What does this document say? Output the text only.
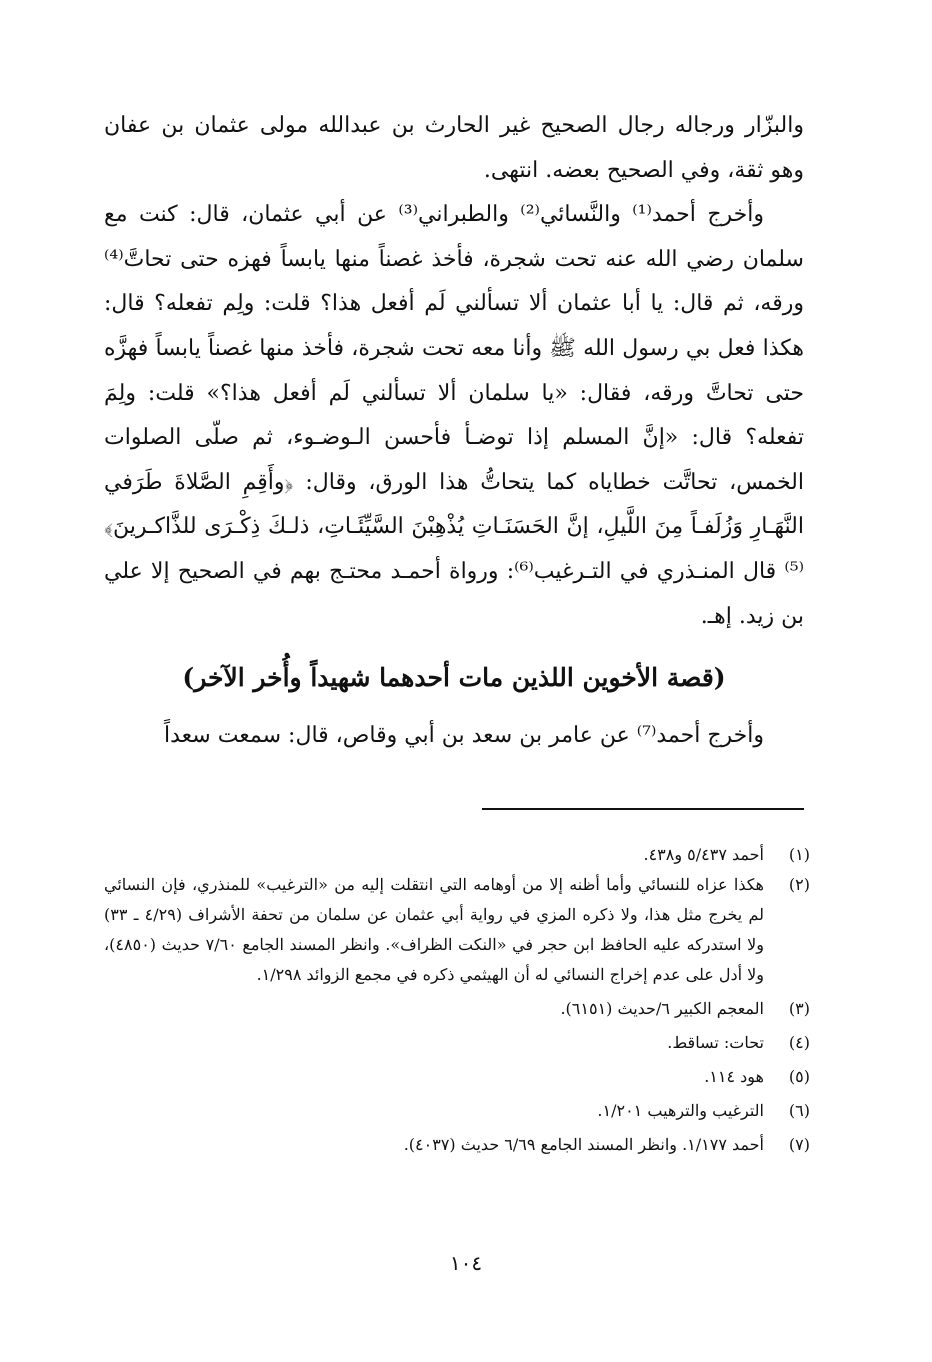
والبزّار ورجاله رجال الصحيح غير الحارث بن عبدالله مولى عثمان بن عفان وهو ثقة، وفي الصحيح بعضه. انتهى.

وأخرج أحمد⁽¹⁾ والنَّسائي⁽²⁾ والطبراني⁽³⁾ عن أبي عثمان، قال: كنت مع سلمان رضي الله عنه تحت شجرة، فأخذ غصناً منها يابساً فهزه حتى تحاتَّ⁽⁴⁾ ورقه، ثم قال: يا أبا عثمان ألا تسألني لَم أفعل هذا؟ قلت: ولِم تفعله؟ قال: هكذا فعل بي رسول الله ﷺ وأنا معه تحت شجرة، فأخذ منها غصناً يابساً فهزَّه حتى تحاتَّ ورقه، فقال: «يا سلمان ألا تسألني لَم أفعل هذا؟» قلت: ولِمَ تفعله؟ قال: «إنَّ المسلم إذا توضـأ فأحسن الـوضـوء، ثم صلّى الصلوات الخمس، تحاتَّت خطاياه كما يتحاتُّ هذا الورق، وقال: ﴿وأَقِمِ الصَّلاةَ طَرَفي النَّهَـارِ وَزُلَفـاً مِنَ اللَّيلِ، إنَّ الحَسَنَـاتِ يُذْهِبْنَ السَّيِّئَـاتِ، ذلـكَ ذِكْـرَى للذَّاكـرينَ﴾⁽⁵⁾ قال المنـذري في التـرغيب⁽⁶⁾: ورواة أحمـد محتـج بهم في الصحيح إلا علي بن زيد. إهـ.

(قصة الأخوين اللذين مات أحدهما شهيداً وأُخر الآخر)
وأخرج أحمد⁽⁷⁾ عن عامر بن سعد بن أبي وقاص، قال: سمعت سعداً
(١)
أحمد ٥/٤٣٧ و٤٣٨.
(٢)
هكذا عزاه للنسائي وأما أظنه إلا من أوهامه التي انتقلت إليه من «الترغيب» للمنذري، فإن النسائي لم يخرج مثل هذا، ولا ذكره المزي في رواية أبي عثمان عن سلمان من تحفة الأشراف (٤/٢٩ ـ ٣٣) ولا استدركه عليه الحافظ ابن حجر في «النكت الظراف». وانظر المسند الجامع ٧/٦٠ حديث (٤٨٥٠)، ولا أدل على عدم إخراج النسائي له أن الهيثمي ذكره في مجمع الزوائد ١/٢٩٨.
(٣)
المعجم الكبير ٦/حديث (٦١٥١).
(٤)
تحات: تساقط.
(٥)
هود ١١٤.
(٦)
الترغيب والترهيب ١/٢٠١.
(٧)
أحمد ١/١٧٧. وانظر المسند الجامع ٦/٦٩ حديث (٤٠٣٧).
١٠٤
